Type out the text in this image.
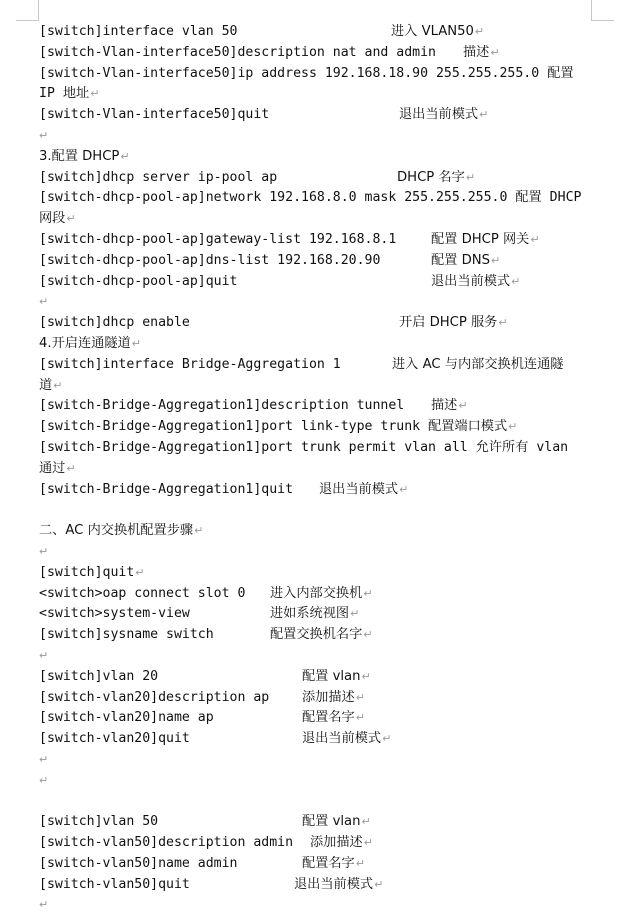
[switch]interface vlan 50	进入 VLAN50↵
[switch-Vlan-interface50]description nat and admin 描述↵
[switch-Vlan-interface50]ip address 192.168.18.90 255.255.255.0 配置
IP 地址↵
[switch-Vlan-interface50]quit	退出当前模式↵
↵
3.配置 DHCP↵
[switch]dhcp server ip-pool ap	DHCP 名字↵
[switch-dhcp-pool-ap]network 192.168.8.0 mask 255.255.255.0 配置 DHCP
网段↵
[switch-dhcp-pool-ap]gateway-list 192.168.8.1	配置 DHCP 网关↵
[switch-dhcp-pool-ap]dns-list 192.168.20.90	配置 DNS↵
[switch-dhcp-pool-ap]quit	退出当前模式↵
↵
[switch]dhcp enable	开启 DHCP 服务↵
4.开启连通隧道↵
[switch]interface Bridge-Aggregation 1	进入 AC 与内部交换机连通隧
道↵
[switch-Bridge-Aggregation1]description tunnel 描述↵
[switch-Bridge-Aggregation1]port link-type trunk 配置端口模式↵
[switch-Bridge-Aggregation1]port trunk permit vlan all 允许所有 vlan
通过↵
[switch-Bridge-Aggregation1]quit 退出当前模式↵
二、AC 内交换机配置步骤↵
↵
[switch]quit↵
<switch>oap connect slot 0 进入内部交换机↵
<switch>system-view	进如系统视图↵
[switch]sysname switch	配置交换机名字↵
↵
[switch]vlan 20	配置 vlan↵
[switch-vlan20]description ap 添加描述↵
[switch-vlan20]name ap	配置名字↵
[switch-vlan20]quit	退出当前模式↵
↵
↵
[switch]vlan 50	配置 vlan↵
[switch-vlan50]description admin 添加描述↵
[switch-vlan50]name admin	配置名字↵
[switch-vlan50]quit	退出当前模式↵
↵
